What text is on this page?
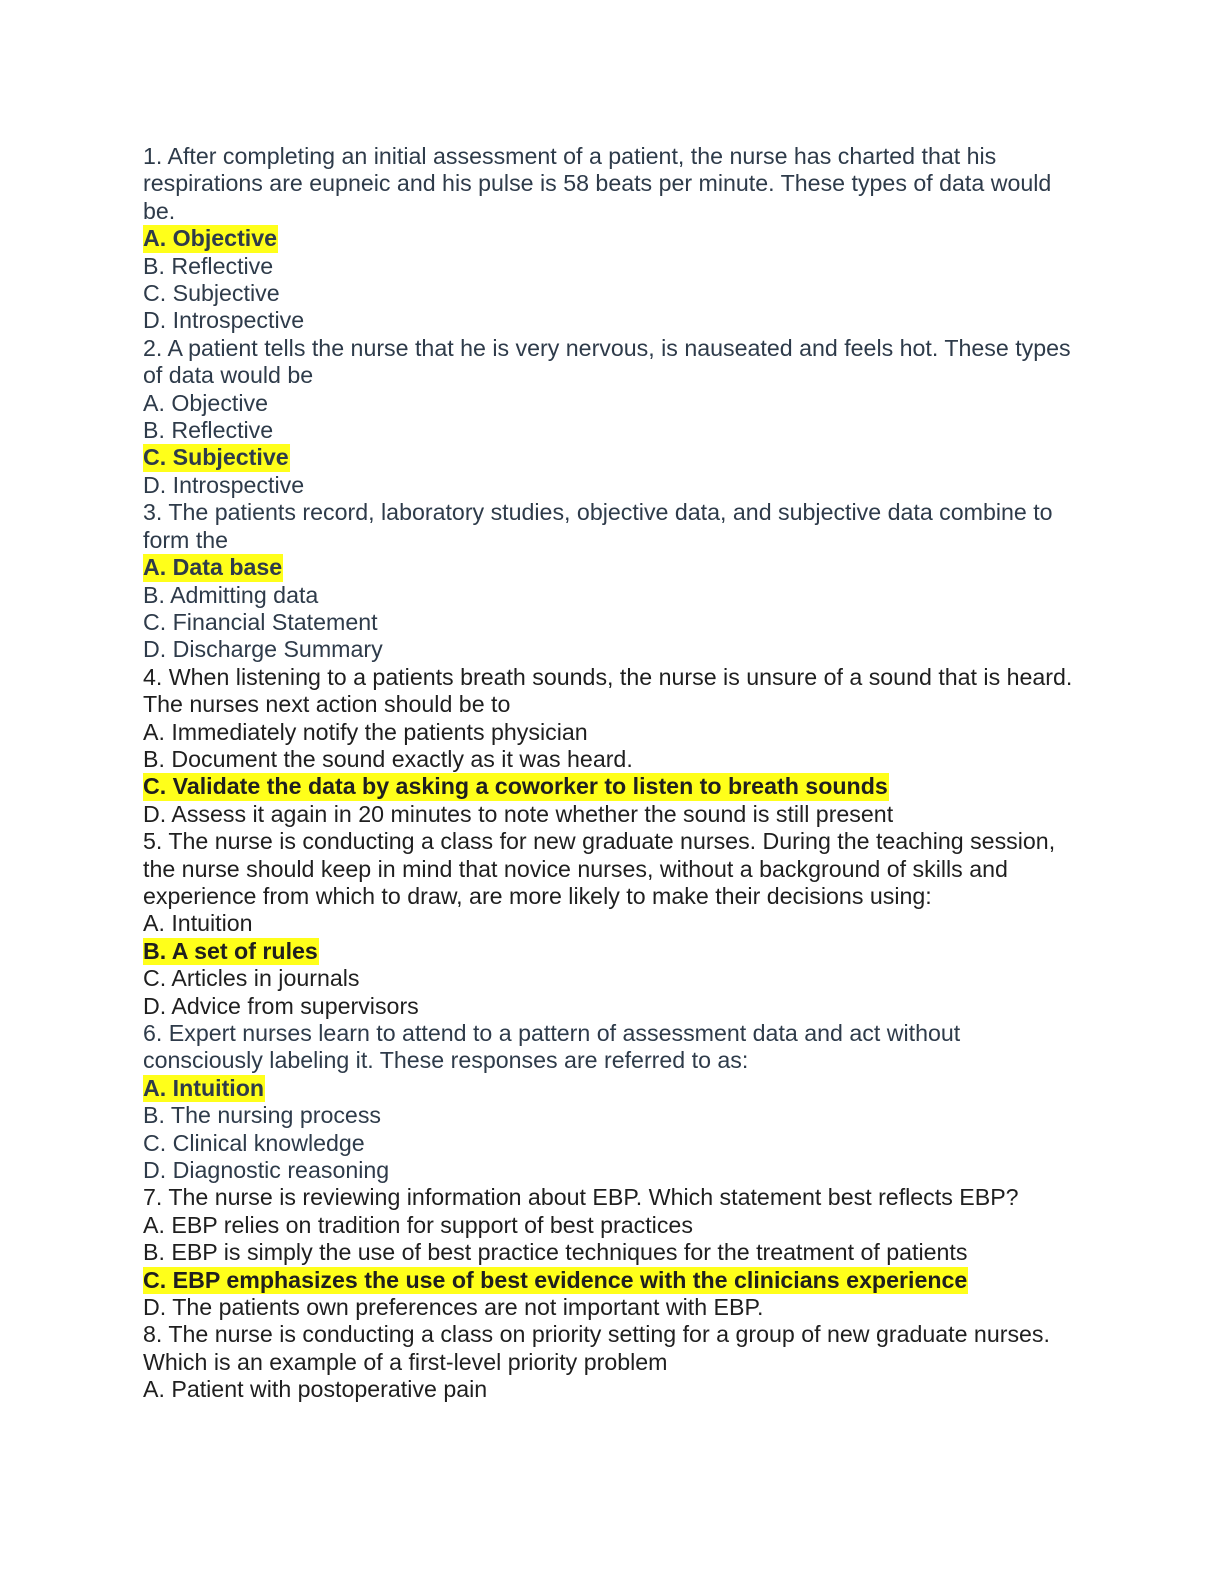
1. After completing an initial assessment of a patient, the nurse has charted that his respirations are eupneic and his pulse is 58 beats per minute. These types of data would be.
A. Objective
B. Reflective
C. Subjective
D. Introspective
2. A patient tells the nurse that he is very nervous, is nauseated and feels hot. These types of data would be
A. Objective
B. Reflective
C. Subjective
D. Introspective
3. The patients record, laboratory studies, objective data, and subjective data combine to form the
A. Data base
B. Admitting data
C. Financial Statement
D. Discharge Summary
4. When listening to a patients breath sounds, the nurse is unsure of a sound that is heard. The nurses next action should be to
A. Immediately notify the patients physician
B. Document the sound exactly as it was heard.
C. Validate the data by asking a coworker to listen to breath sounds
D. Assess it again in 20 minutes to note whether the sound is still present
5. The nurse is conducting a class for new graduate nurses. During the teaching session, the nurse should keep in mind that novice nurses, without a background of skills and experience from which to draw, are more likely to make their decisions using:
A. Intuition
B. A set of rules
C. Articles in journals
D. Advice from supervisors
6. Expert nurses learn to attend to a pattern of assessment data and act without consciously labeling it. These responses are referred to as:
A. Intuition
B. The nursing process
C. Clinical knowledge
D. Diagnostic reasoning
7. The nurse is reviewing information about EBP. Which statement best reflects EBP?
A. EBP relies on tradition for support of best practices
B. EBP is simply the use of best practice techniques for the treatment of patients
C. EBP emphasizes the use of best evidence with the clinicians experience
D. The patients own preferences are not important with EBP.
8. The nurse is conducting a class on priority setting for a group of new graduate nurses. Which is an example of a first-level priority problem
A. Patient with postoperative pain
